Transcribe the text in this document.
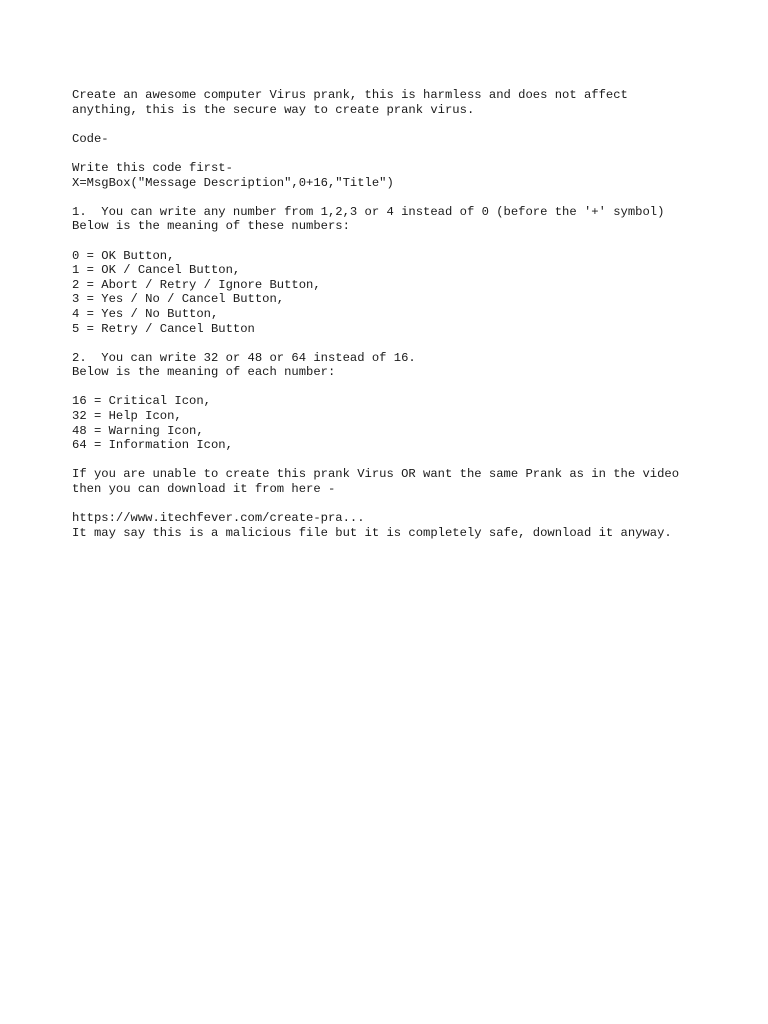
Create an awesome computer Virus prank, this is harmless and does not affect
anything, this is the secure way to create prank virus.
Code-
Write this code first-
X=MsgBox("Message Description",0+16,"Title")
1.  You can write any number from 1,2,3 or 4 instead of 0 (before the '+' symbol)
Below is the meaning of these numbers:
0 = OK Button,
1 = OK / Cancel Button,
2 = Abort / Retry / Ignore Button,
3 = Yes / No / Cancel Button,
4 = Yes / No Button,
5 = Retry / Cancel Button
2.  You can write 32 or 48 or 64 instead of 16.
Below is the meaning of each number:
16 = Critical Icon,
32 = Help Icon,
48 = Warning Icon,
64 = Information Icon,
If you are unable to create this prank Virus OR want the same Prank as in the video
then you can download it from here -
https://www.itechfever.com/create-pra...
It may say this is a malicious file but it is completely safe, download it anyway.
